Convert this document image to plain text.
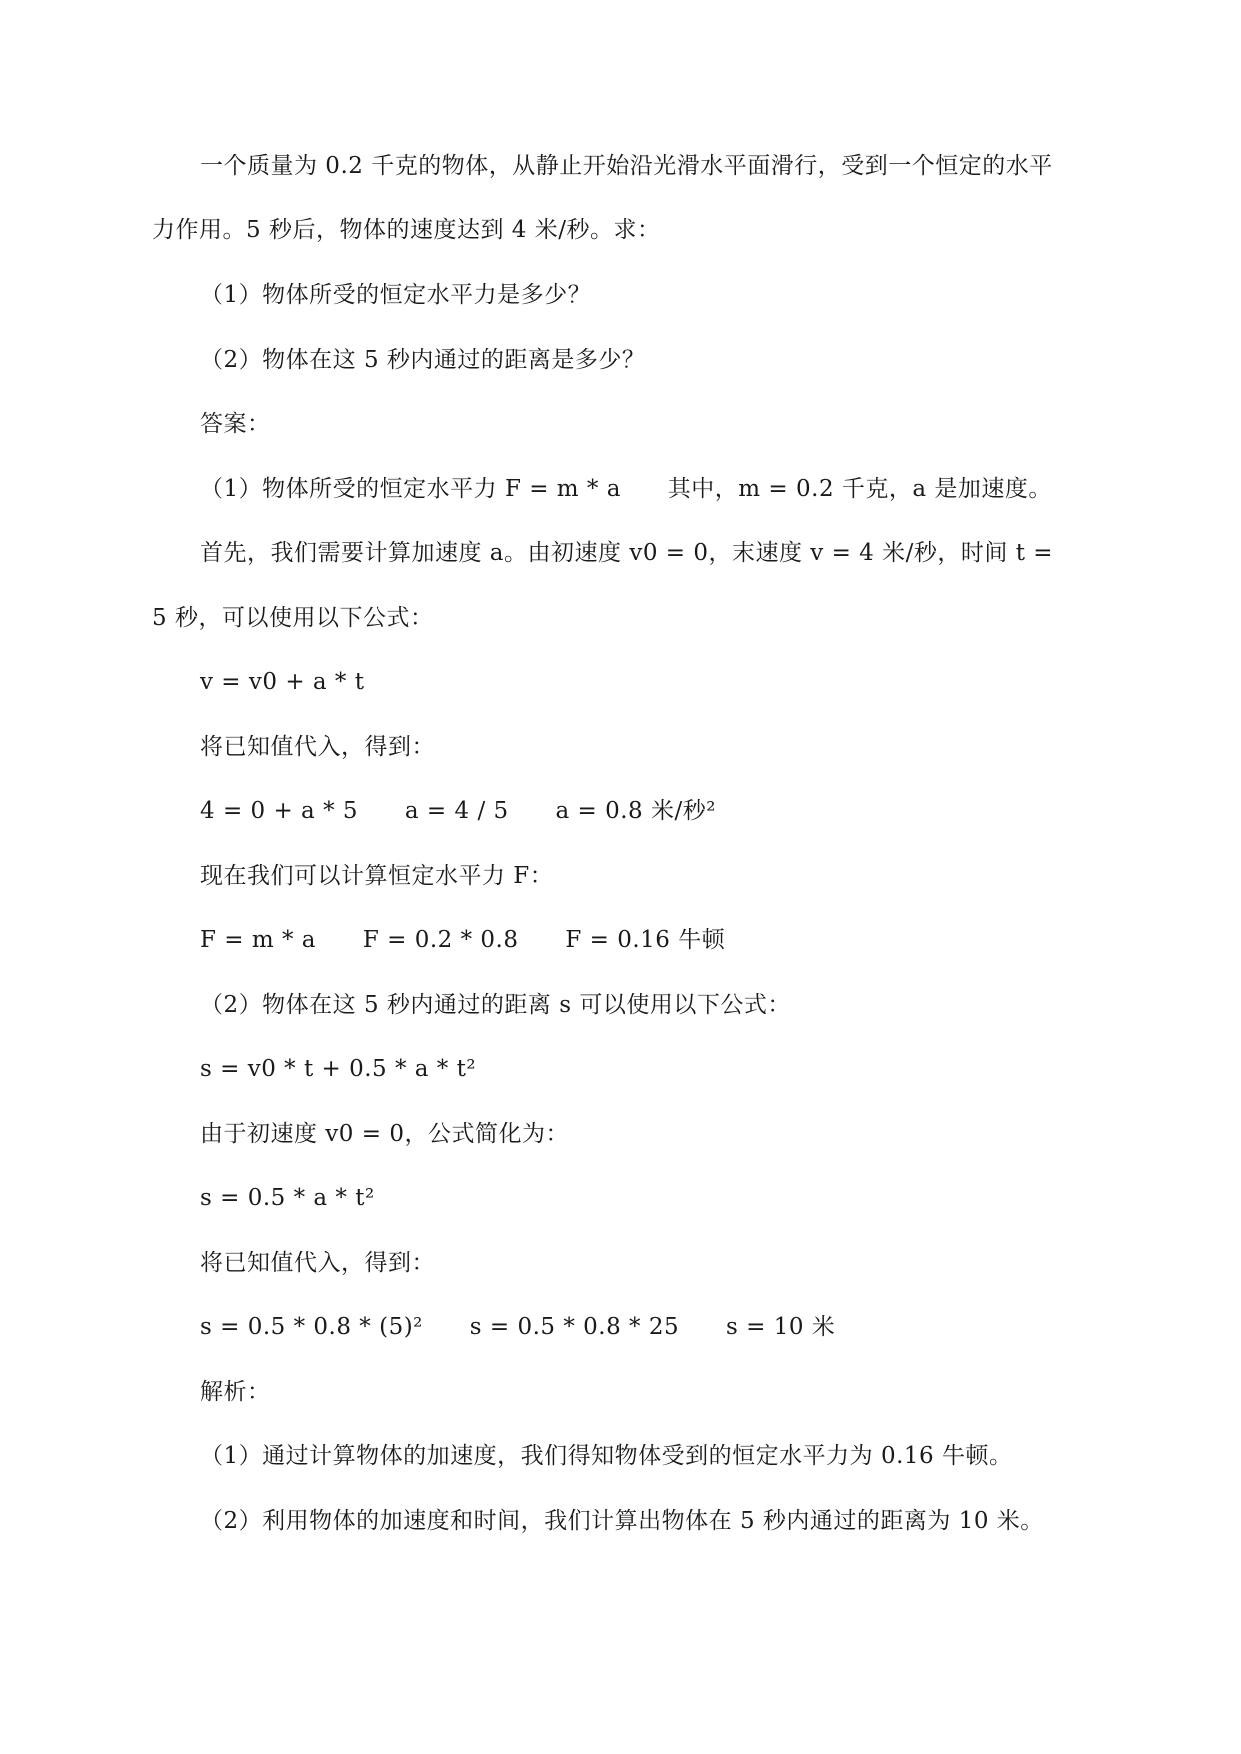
一个质量为 0.2 千克的物体，从静止开始沿光滑水平面滑行，受到一个恒定的水平
力作用。5 秒后，物体的速度达到 4 米/秒。求：
（1）物体所受的恒定水平力是多少？
（2）物体在这 5 秒内通过的距离是多少？
答案：
（1）物体所受的恒定水平力 F = m * a      其中，m = 0.2 千克，a 是加速度。
首先，我们需要计算加速度 a。由初速度 v0 = 0，末速度 v = 4 米/秒，时间 t =
5 秒，可以使用以下公式：
v = v0 + a * t
将已知值代入，得到：
4 = 0 + a * 5      a = 4 / 5      a = 0.8 米/秒²
现在我们可以计算恒定水平力 F：
F = m * a      F = 0.2 * 0.8      F = 0.16 牛顿
（2）物体在这 5 秒内通过的距离 s 可以使用以下公式：
s = v0 * t + 0.5 * a * t²
由于初速度 v0 = 0，公式简化为：
s = 0.5 * a * t²
将已知值代入，得到：
s = 0.5 * 0.8 * (5)²      s = 0.5 * 0.8 * 25      s = 10 米
解析：
（1）通过计算物体的加速度，我们得知物体受到的恒定水平力为 0.16 牛顿。
（2）利用物体的加速度和时间，我们计算出物体在 5 秒内通过的距离为 10 米。
